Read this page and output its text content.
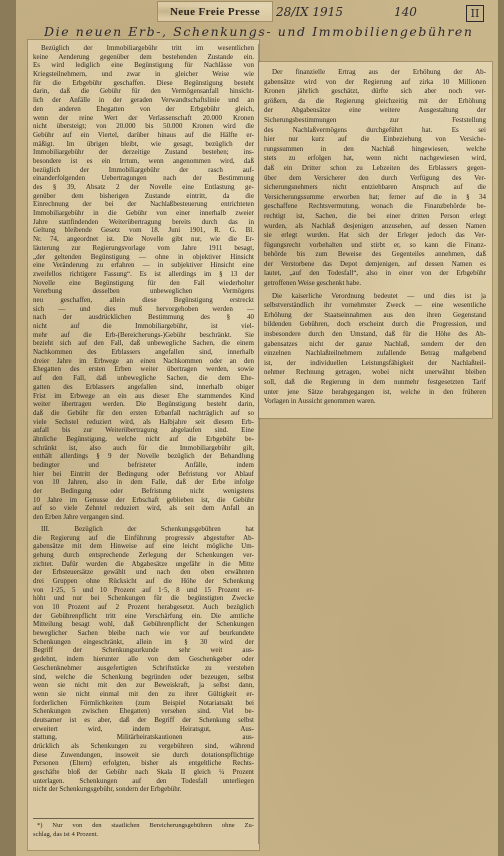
Neue Freie Presse	28/IX 1915	140	II
Die neuen Erb-, Schenkungs- und Immobiliengebühren
Bezüglich der Immobiliargebühr tritt im wesentlichen
keine Aenderung gegenüber dem bestehenden Zustande ein.
Es wird lediglich eine Begünstigung für Nachlässe von
Kriegsteilnehmern, und zwar in gleicher Weise wie
für die Erbgebühr geschaffen. Diese Begünstigung besteht
darin, daß die Gebühr für den Vermögensanfall hinsicht-
lich der Anfälle in der geraden Verwandtschaftslinie und an
den anderen Ehegatten von der Erbgebühr gleich,
wenn der reine Wert der Verlassenschaft 20.000 Kronen
nicht übersteigt; von 20.000 bis 50.000 Kronen wird die
Gebühr auf ein Viertel, darüber hinaus auf die Hälfte er-
mäßigt. Im übrigen bleibt, wie gesagt, bezüglich der
Immobiliargebühr der derzeitige Zustand bestehen; ins-
besondere ist es ein Irrtum, wenn angenommen wird, daß
bezüglich der Immobiliargebühr der rasch auf-
einanderfolgenden Uebertragungen nach der Bestimmung
des § 39, Absatz 2 der Novelle eine Entlastung ge-
genüber dem bisherigen Zustande eintritt, da die
Einrechnung der bei der Nachlaßbesteuerung entrichteten
Immobiliargebühr in die Gebühr von einer innerhalb zweier
Jahre stattfindenden Weiterübertragung bereits durch das in
Geltung bleibende Gesetz vom 18. Juni 1901, R. G. Bl.
Nr. 74, angeordnet ist. Die Novelle gibt nur, wie die Er-
läuterung zur Regierungsvorlage vom Jahre 1911 besagt,
„der geltenden Begünstigung — ohne in objektiver Hinsicht
eine Veränderung zu erfahren — in subjektiver Hinsicht eine
zweifellos richtigere Fassung“. Es ist allerdings im § 13 der
Novelle eine Begünstigung für den Fall wiederholter
Vererbung desselben unbeweglichen Vermögens
neu geschaffen, allein diese Begünstigung erstreckt
sich — und dies muß hervorgehoben werden —
nach der ausdrücklichen Bestimmung des § 40
nicht auf die Immobiliargebühr, ist viel-
mehr auf die Erb-(Bereicherungs-)Gebühr beschränkt. Sie
bezieht sich auf den Fall, daß unbewegliche Sachen, die einem
Nachkommen des Erblassers angefallen sind, innerhalb
dreier Jahre im Erbwege an einen Nachkommen oder an den
Ehegatten des ersten Erben weiter übertragen werden, sowie
auf den Fall, daß unbewegliche Sachen, die dem Ehe-
gatten des Erblassers angefallen sind, innerhalb obiger
Frist im Erbwege an ein aus dieser Ehe stammendes Kind
weiter übertragen werden. Die Begünstigung besteht darin,
daß die Gebühr für den ersten Erbanfall nachträglich auf so
viele Sechstel reduziert wird, als Halbjahre seit diesem Erb-
anfall bis zur Weiterübertragung abgelaufen sind. Eine
ähnliche Begünstigung, welche nicht auf die Erbgebühr be-
schränkt ist, also auch für die Immobiliargebühr gilt,
enthält allerdings § 9 der Novelle bezüglich der Behandlung
bedingter und befristeter Anfälle, indem
hier bei Eintritt der Bedingung oder Befristung vor Ablauf
von 10 Jahren, also in dem Falle, daß der Erbe infolge
der Bedingung oder Befristung nicht wenigstens
10 Jahre im Genusse der Erbschaft geblieben ist, die Gebühr
auf so viele Zehntel reduziert wird, als seit dem Anfall an
den Erben Jahre vergangen sind.
III. Bezüglich der Schenkungsgebühren hat
die Regierung auf die Einführung progressiv abgestufter Ab-
gabensätze mit dem Hinweise auf eine leicht mögliche Um-
gehung durch entsprechende Zerlegung der Schenkungen ver-
zichtet. Dafür wurden die Abgabesätze ungefähr in die Mitte
der Erbsteuersätze gewählt und nach den oben erwähnten
drei Gruppen ohne Rücksicht auf die Höhe der Schenkung
von 1·25, 5 und 10 Prozent auf 1·5, 8 und 15 Prozent er-
höht und nur bei Schenkungen für die begünstigten Zwecke
von 10 Prozent auf 2 Prozent herabgesetzt. Auch bezüglich
der Gebührenpflicht tritt eine Verschärfung ein. Die amtliche
Mitteilung besagt wohl, daß Gebührenpflicht der Schenkungen
beweglicher Sachen bleibe nach wie vor auf beurkundete
Schenkungen eingeschränkt, allein im § 30 wird der
Begriff der Schenkungsurkunde sehr weit aus-
gedehnt, indem hierunter alle von dem Geschenkgeber oder
Geschenknehmer ausgefertigten Schriftstücke zu verstehen
sind, welche die Schenkung begründen oder bezeugen, selbst
wenn sie nicht mit den zur Beweiskraft, ja selbst dann,
wenn sie nicht einmal mit den zu ihrer Gültigkeit er-
forderlichen Förmlichkeiten (zum Beispiel Notariatsakt bei
Schenkungen zwischen Ehegatten) versehen sind. Viel be-
deutsamer ist es aber, daß der Begriff der Schenkung selbst
erweitert wird, indem Heiratsgut, Aus-
stattung, Militärheiratskautionen aus-
drücklich als Schenkungen zu vergebühren sind, während
diese Zuwendungen, insoweit sie durch dotationspflichtige
Personen (Eltern) erfolgten, bisher als entgeltliche Rechts-
geschäfte bloß der Gebühr nach Skala II gleich ¼ Prozent
unterlagen. Schenkungen auf den Todesfall unterliegen
nicht der Schenkungsgebühr, sondern der Erbgebühr.
*) Nur von den staatlichen Bereicherungsgebühren ohne Zu-
schlag, das ist 4 Prozent.
Der finanzielle Ertrag aus der Erhöhung der Ab-
gabensätze wird von der Regierung auf zirka 10 Millionen
Kronen jährlich geschätzt, dürfte sich aber noch ver-
größern, da die Regierung gleichzeitig mit der Erhöhung
der Abgabensätze eine weitere Ausgestaltung der
Sicherungsbestimmungen zur Feststellung
des Nachlaßvermögens durchgeführt hat. Es sei
hier nur kurz auf die Einbeziehung von Versiche-
rungssummen in den Nachlaß hingewiesen, welche
stets zu erfolgen hat, wenn nicht nachgewiesen wird,
daß ein Dritter schon zu Lebzeiten des Erblassers gegen-
über dem Versicherer den durch Verfügung des Ver-
sicherungsnehmers nicht entziehbaren Anspruch auf die
Versicherungssumme erworben hat; ferner auf die in § 34
geschaffene Rechtsvermutung, wonach die Finanzbehörde be-
rechtigt ist, Sachen, die bei einer dritten Person erlegt
wurden, als Nachlaß desjenigen anzusehen, auf dessen Namen
sie erlegt wurden. Hat sich der Erleger jedoch das Ver-
fügungsrecht vorbehalten und stirbt er, so kann die Finanz-
behörde bis zum Beweise des Gegenteiles annehmen, daß
der Verstorbene das Depot demjenigen, auf dessen Namen es
lautet, „auf den Todesfall“, also in einer von der Erbgebühr
getroffenen Weise geschenkt habe.
Die kaiserliche Verordnung bedeutet — und dies ist ja
selbstverständlich ihr vornehmster Zweck — eine wesentliche
Erhöhung der Staatseinnahmen aus den ihren Gegenstand
bildenden Gebühren, doch erscheint durch die Progression, und
insbesondere durch den Umstand, daß für die Höhe des Ab-
gabensatzes nicht der ganze Nachlaß, sondern der den
einzelnen Nachlaßteilnehmern zufallende Betrag maßgebend
ist, der individuellen Leistungsfähigkeit der Nachlaßteil-
nehmer Rechnung getragen, wobei nicht unerwähnt bleiben
soll, daß die Regierung in dem nunmehr festgesetzten Tarif
unter jene Sätze herabgegangen ist, welche in den früheren
Vorlagen in Aussicht genommen waren.
